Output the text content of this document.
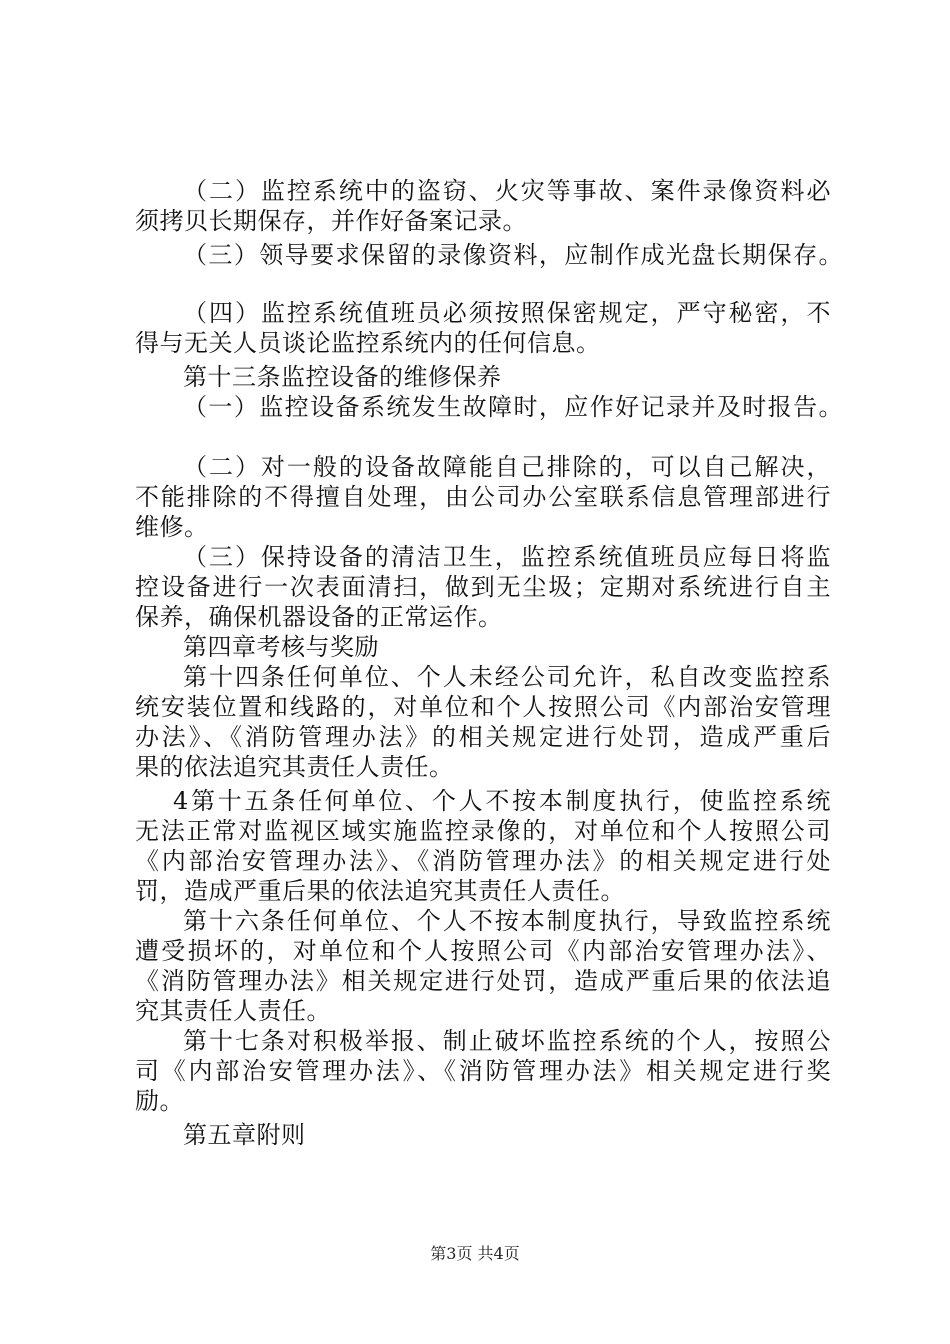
（二）监控系统中的盗窃、火灾等事故、案件录像资料必
须拷贝长期保存，并作好备案记录。
（三）领导要求保留的录像资料，应制作成光盘长期保存。
（四）监控系统值班员必须按照保密规定，严守秘密，不
得与无关人员谈论监控系统内的任何信息。
第十三条监控设备的维修保养
（一）监控设备系统发生故障时，应作好记录并及时报告。
（二）对一般的设备故障能自己排除的，可以自己解决，
不能排除的不得擅自处理，由公司办公室联系信息管理部进行
维修。
（三）保持设备的清洁卫生，监控系统值班员应每日将监
控设备进行一次表面清扫，做到无尘圾；定期对系统进行自主
保养，确保机器设备的正常运作。
第四章考核与奖励
第十四条任何单位、个人未经公司允许，私自改变监控系
统安装位置和线路的，对单位和个人按照公司《内部治安管理
办法》、《消防管理办法》的相关规定进行处罚，造成严重后
果的依法追究其责任人责任。
4第十五条任何单位、个人不按本制度执行，使监控系统
无法正常对监视区域实施监控录像的，对单位和个人按照公司
《内部治安管理办法》、《消防管理办法》的相关规定进行处
罚，造成严重后果的依法追究其责任人责任。
第十六条任何单位、个人不按本制度执行，导致监控系统
遭受损坏的，对单位和个人按照公司《内部治安管理办法》、
《消防管理办法》相关规定进行处罚，造成严重后果的依法追
究其责任人责任。
第十七条对积极举报、制止破坏监控系统的个人，按照公
司《内部治安管理办法》、《消防管理办法》相关规定进行奖
励。
第五章附则
第3页 共4页
